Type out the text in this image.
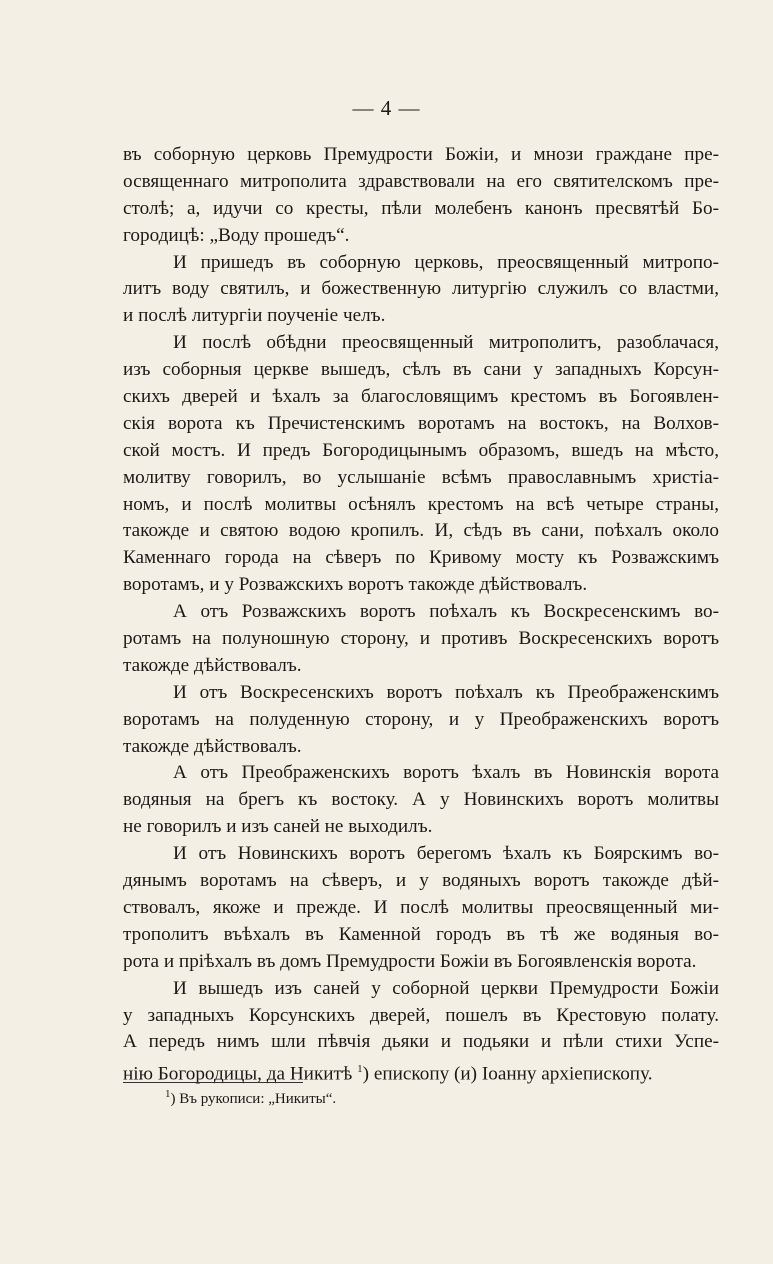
— 4 —
въ соборную церковь Премудрости Божіи, и мнози граждане пре-
освященнаго митрополита здравствовали на его святителскомъ пре-
столѣ; а, идучи со кресты, пѣли молебенъ канонъ пресвятѣй Бо-
городицѣ: „Воду прошедъ“.
И пришедъ въ соборную церковь, преосвященный митропо-
литъ воду святилъ, и божественную литургію служилъ со властми,
и послѣ литургіи поученіе челъ.
И послѣ обѣдни преосвященный митрополитъ, разоблачася,
изъ соборныя церкве вышедъ, сѣлъ въ сани у западныхъ Корсун-
скихъ дверей и ѣхалъ за благословящимъ крестомъ въ Богоявлен-
скія ворота къ Пречистенскимъ воротамъ на востокъ, на Волхов-
ской мостъ. И предъ Богородицынымъ образомъ, вшедъ на мѣсто,
молитву говорилъ, во услышаніе всѣмъ православнымъ христіа-
номъ, и послѣ молитвы осѣнялъ крестомъ на всѣ четыре страны,
такожде и святою водою кропилъ. И, сѣдъ въ сани, поѣхалъ около
Каменнаго города на сѣверъ по Кривому мосту къ Розважскимъ
воротамъ, и у Розважскихъ воротъ такожде дѣйствовалъ.
А отъ Розважскихъ воротъ поѣхалъ къ Воскресенскимъ во-
ротамъ на полуношную сторону, и противъ Воскресенскихъ воротъ
такожде дѣйствовалъ.
И отъ Воскресенскихъ воротъ поѣхалъ къ Преображенскимъ
воротамъ на полуденную сторону, и у Преображенскихъ воротъ
такожде дѣйствовалъ.
А отъ Преображенскихъ воротъ ѣхалъ въ Новинскія ворота
водяныя на брегъ къ востоку. А у Новинскихъ воротъ молитвы
не говорилъ и изъ саней не выходилъ.
И отъ Новинскихъ воротъ берегомъ ѣхалъ къ Боярскимъ во-
дянымъ воротамъ на сѣверъ, и у водяныхъ воротъ такожде дѣй-
ствовалъ, якоже и прежде. И послѣ молитвы преосвященный ми-
трополитъ въѣхалъ въ Каменной городъ въ тѣ же водяныя во-
рота и пріѣхалъ въ домъ Премудрости Божіи въ Богоявленскія ворота.
И вышедъ изъ саней у соборной церкви Премудрости Божіи
у западныхъ Корсунскихъ дверей, пошелъ въ Крестовую полату.
А передъ нимъ шли пѣвчія дьяки и подьяки и пѣли стихи Успе-
нію Богородицы, да Никитѣ $^1$) епископу (и) Іоанну архіепископу.
$^1$) Въ рукописи: „Никиты“.
